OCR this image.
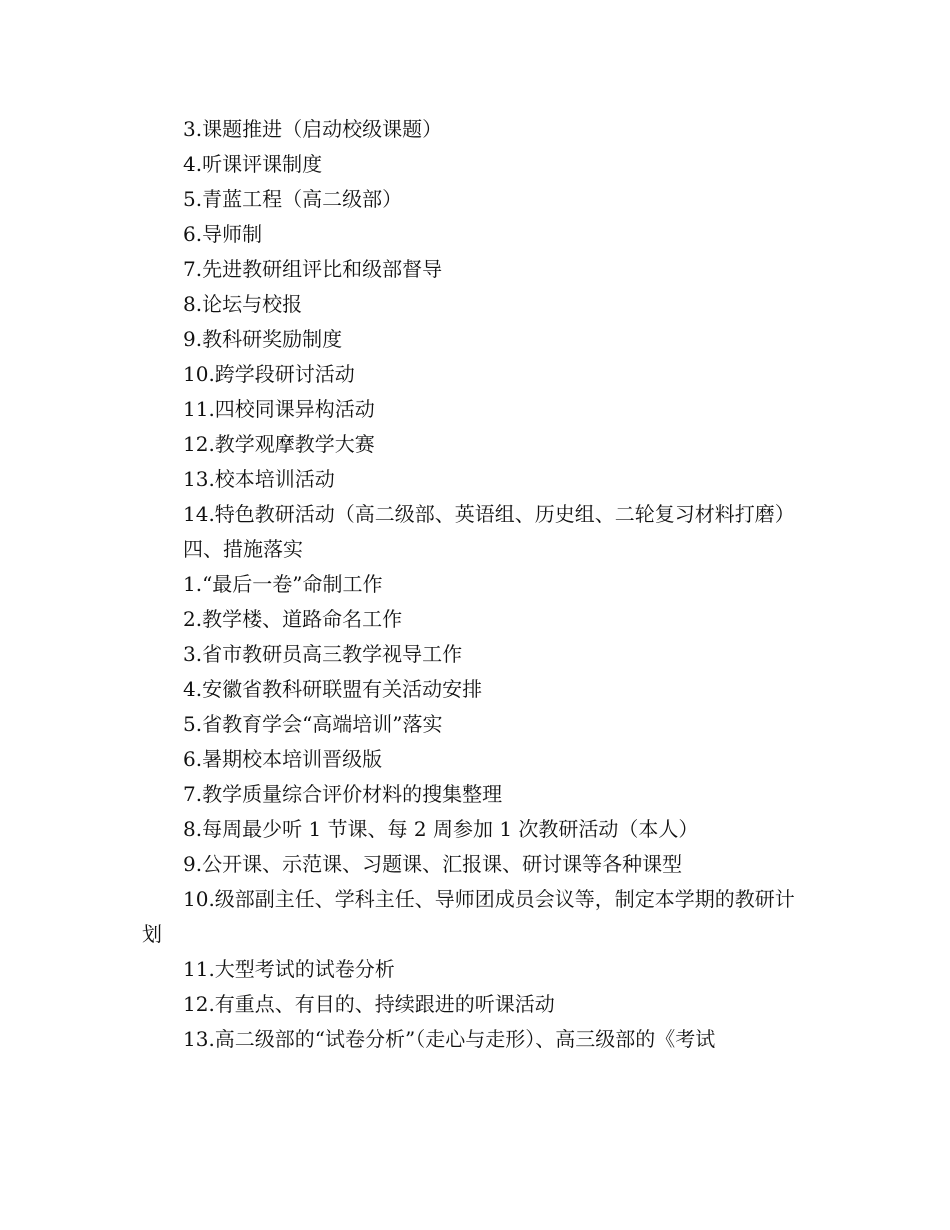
3.课题推进（启动校级课题）

4.听课评课制度

5.青蓝工程（高二级部）

6.导师制

7.先进教研组评比和级部督导

8.论坛与校报

9.教科研奖励制度

10.跨学段研讨活动

11.四校同课异构活动

12.教学观摩教学大赛

13.校本培训活动

14.特色教研活动（高二级部、英语组、历史组、二轮复习材料打磨）

四、措施落实

1.“最后一卷”命制工作

2.教学楼、道路命名工作

3.省市教研员高三教学视导工作

4.安徽省教科研联盟有关活动安排

5.省教育学会“高端培训”落实

6.暑期校本培训晋级版

7.教学质量综合评价材料的搜集整理

8.每周最少听 1 节课、每 2 周参加 1 次教研活动（本人）

9.公开课、示范课、习题课、汇报课、研讨课等各种课型

10.级部副主任、学科主任、导师团成员会议等，制定本学期的教研计划

11.大型考试的试卷分析

12.有重点、有目的、持续跟进的听课活动

13.高二级部的“试卷分析”（走心与走形）、高三级部的《考试
